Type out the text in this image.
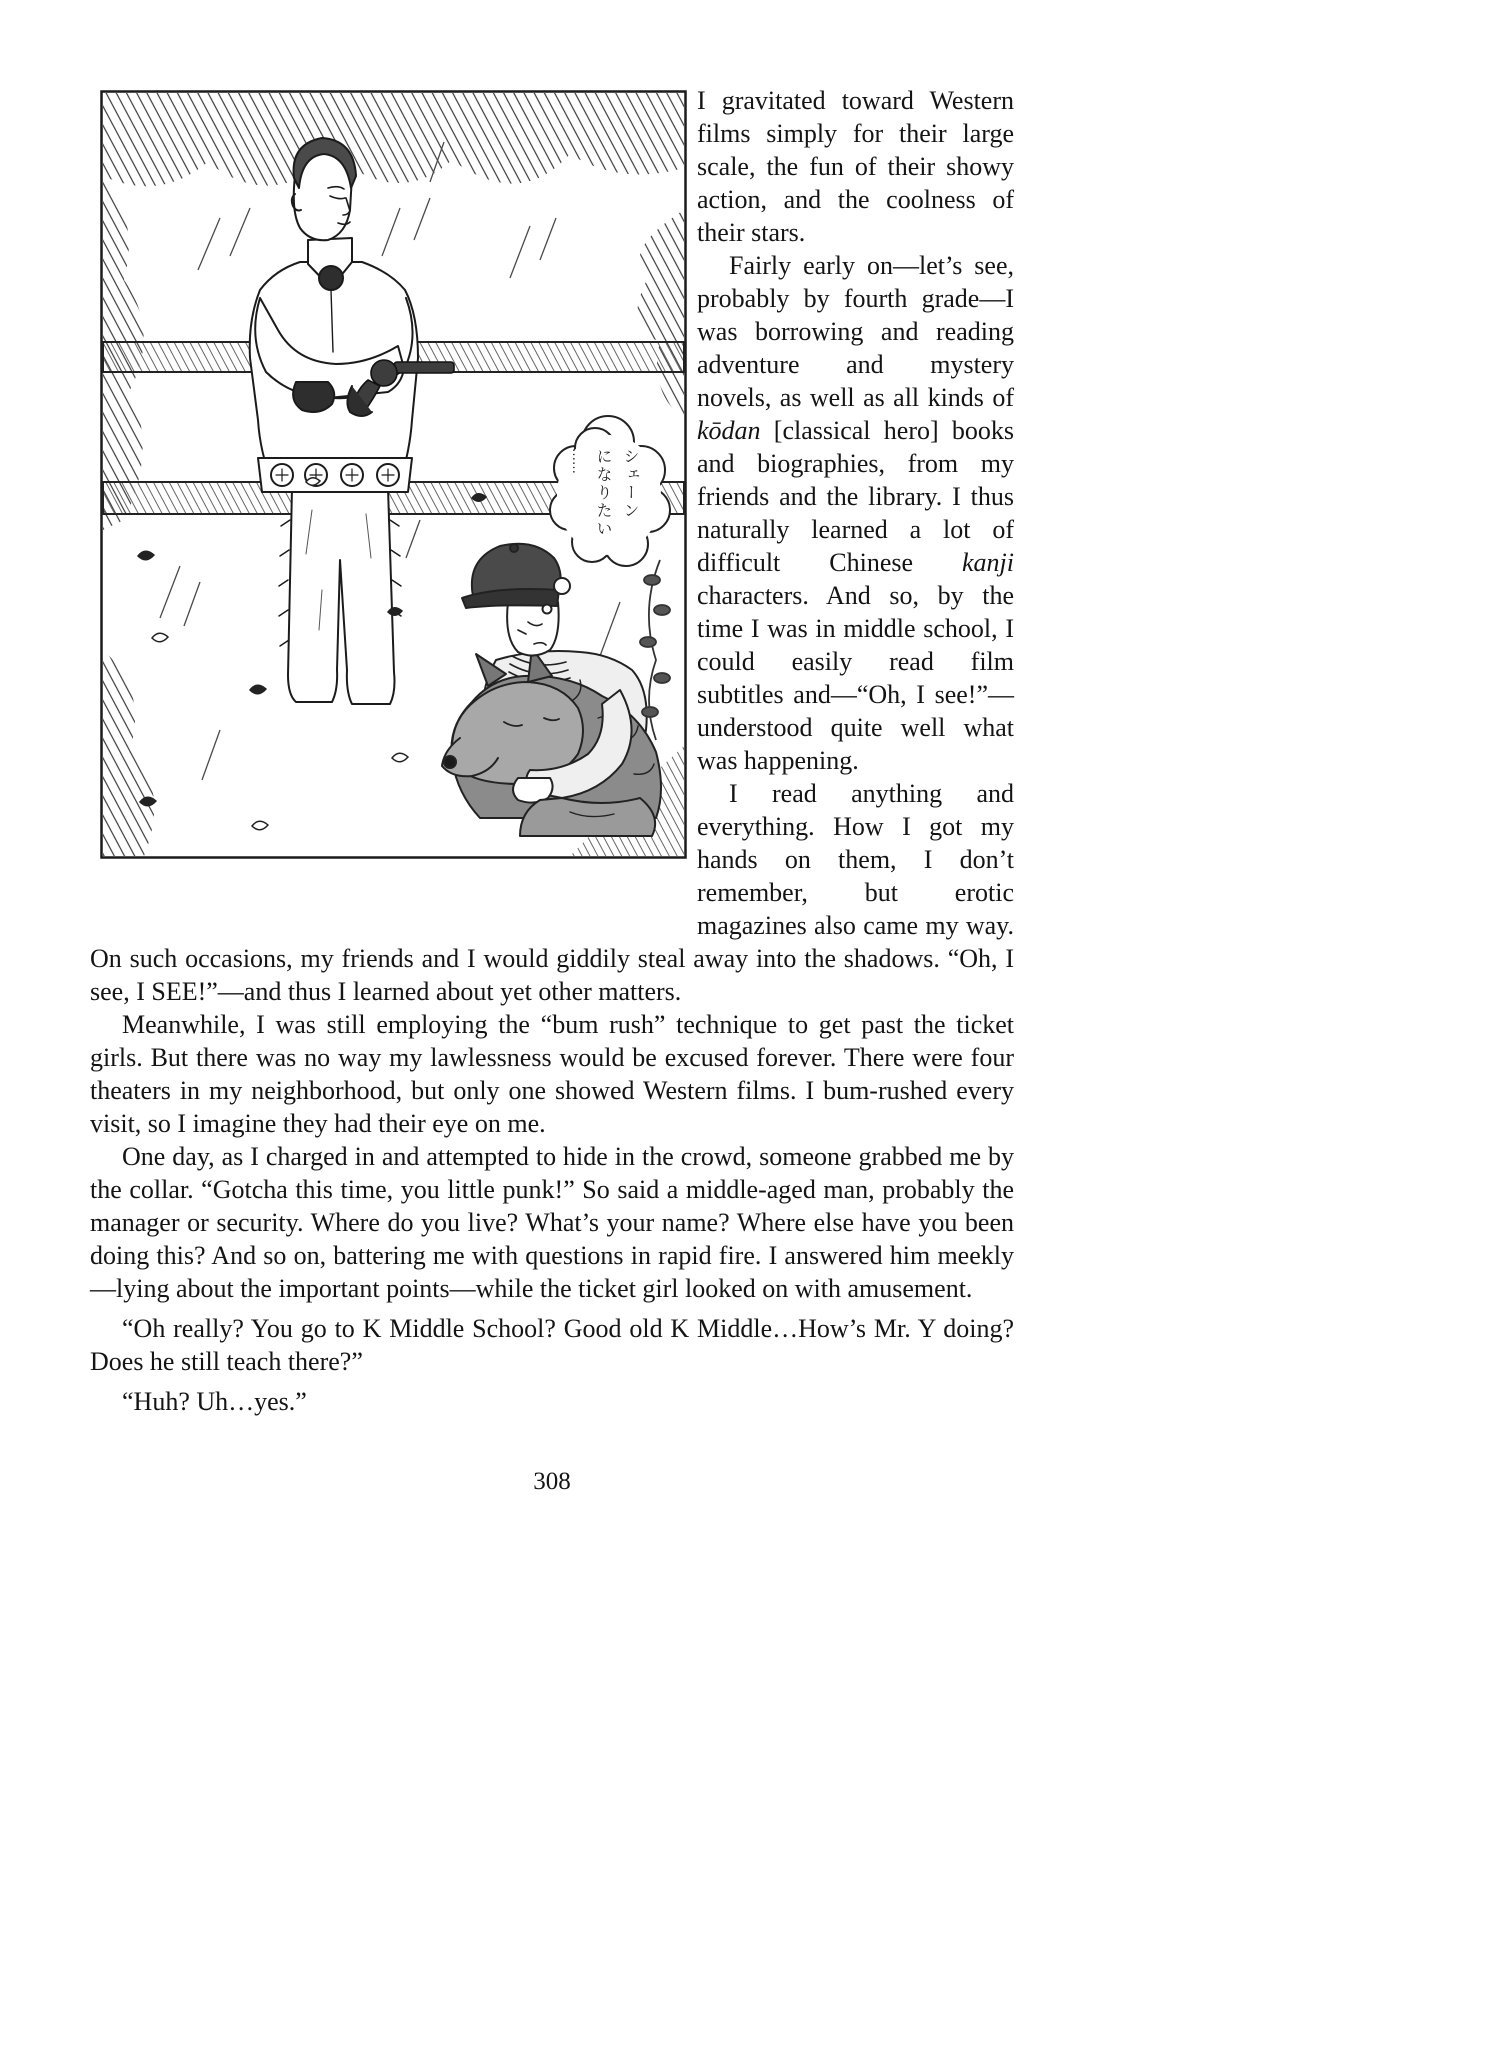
シェーン
になりたい
……

I gravitated toward Western films simply for their large scale, the fun of their showy action, and the coolness of their stars.

Fairly early on—let’s see, probably by fourth grade—I was borrowing and reading adventure and mystery novels, as well as all kinds of kōdan [classical hero] books and biographies, from my friends and the library. I thus naturally learned a lot of difficult Chinese kanji characters. And so, by the time I was in middle school, I could easily read film subtitles and—“Oh, I see!”—understood quite well what was happening.

I read anything and everything. How I got my hands on them, I don’t remember, but erotic magazines also came my way. On such occasions, my friends and I would giddily steal away into the shadows. “Oh, I see, I SEE!”—and thus I learned about yet other matters.

Meanwhile, I was still employing the “bum rush” technique to get past the ticket girls. But there was no way my lawlessness would be excused forever. There were four theaters in my neighborhood, but only one showed Western films. I bum-rushed every visit, so I imagine they had their eye on me.

One day, as I charged in and attempted to hide in the crowd, someone grabbed me by the collar. “Gotcha this time, you little punk!” So said a middle-aged man, probably the manager or security. Where do you live? What’s your name? Where else have you been doing this? And so on, battering me with questions in rapid fire. I answered him meekly—lying about the important points—while the ticket girl looked on with amusement.

“Oh really? You go to K Middle School? Good old K Middle…How’s Mr. Y doing? Does he still teach there?”

“Huh? Uh…yes.”

308
